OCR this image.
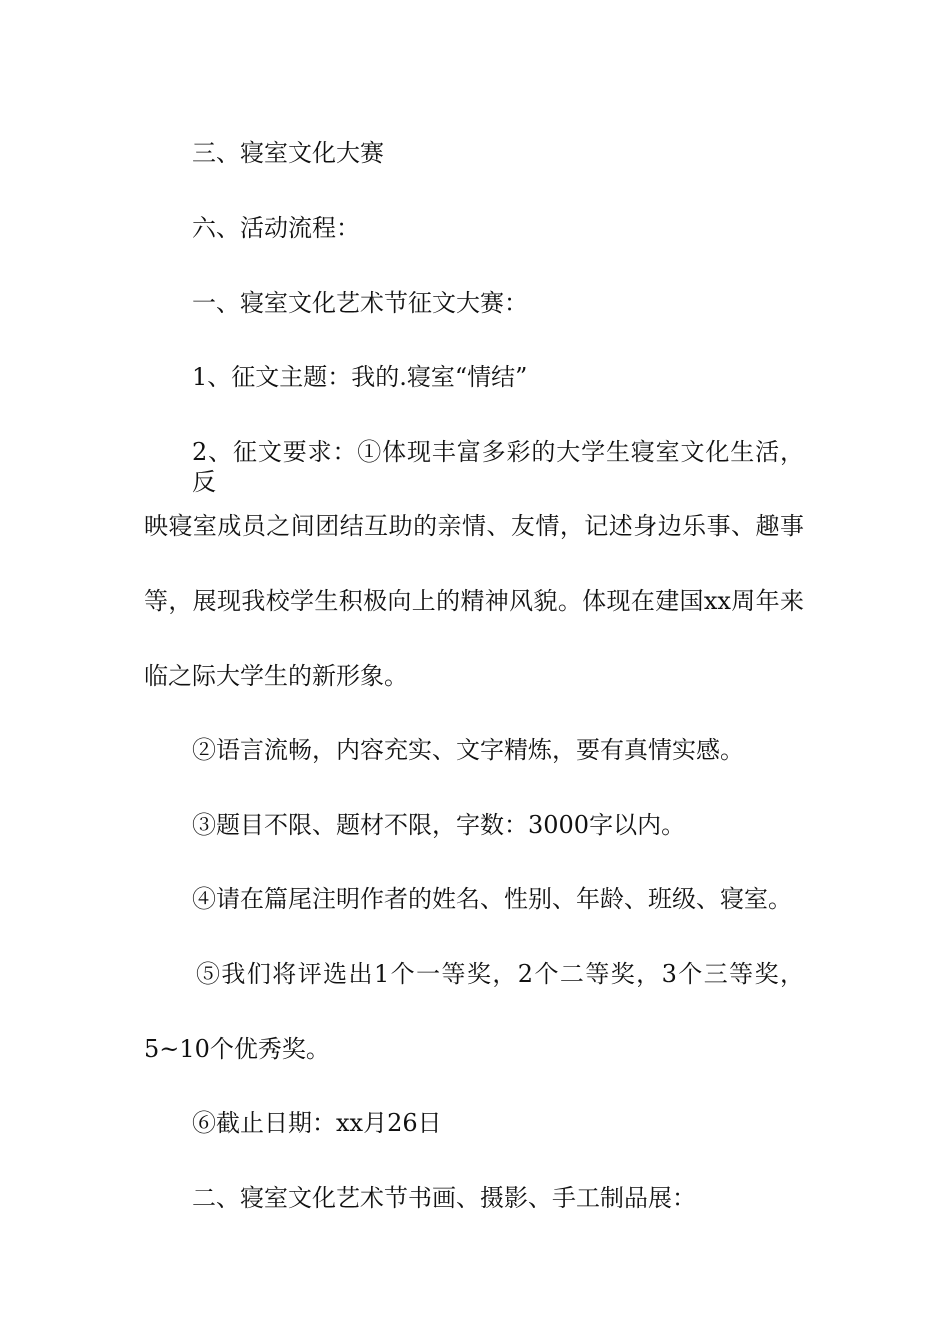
三、寝室文化大赛

六、活动流程：

一、寝室文化艺术节征文大赛：

1、征文主题：我的.寝室“情结”

2、征文要求：①体现丰富多彩的大学生寝室文化生活，反

映寝室成员之间团结互助的亲情、友情，记述身边乐事、趣事

等，展现我校学生积极向上的精神风貌。体现在建国xx周年来

临之际大学生的新形象。

②语言流畅，内容充实、文字精炼，要有真情实感。

③题目不限、题材不限，字数：3000字以内。

④请在篇尾注明作者的姓名、性别、年龄、班级、寝室。

⑤我们将评选出1个一等奖，2个二等奖，3个三等奖，

5~10个优秀奖。

⑥截止日期：xx月26日

二、寝室文化艺术节书画、摄影、手工制品展：
